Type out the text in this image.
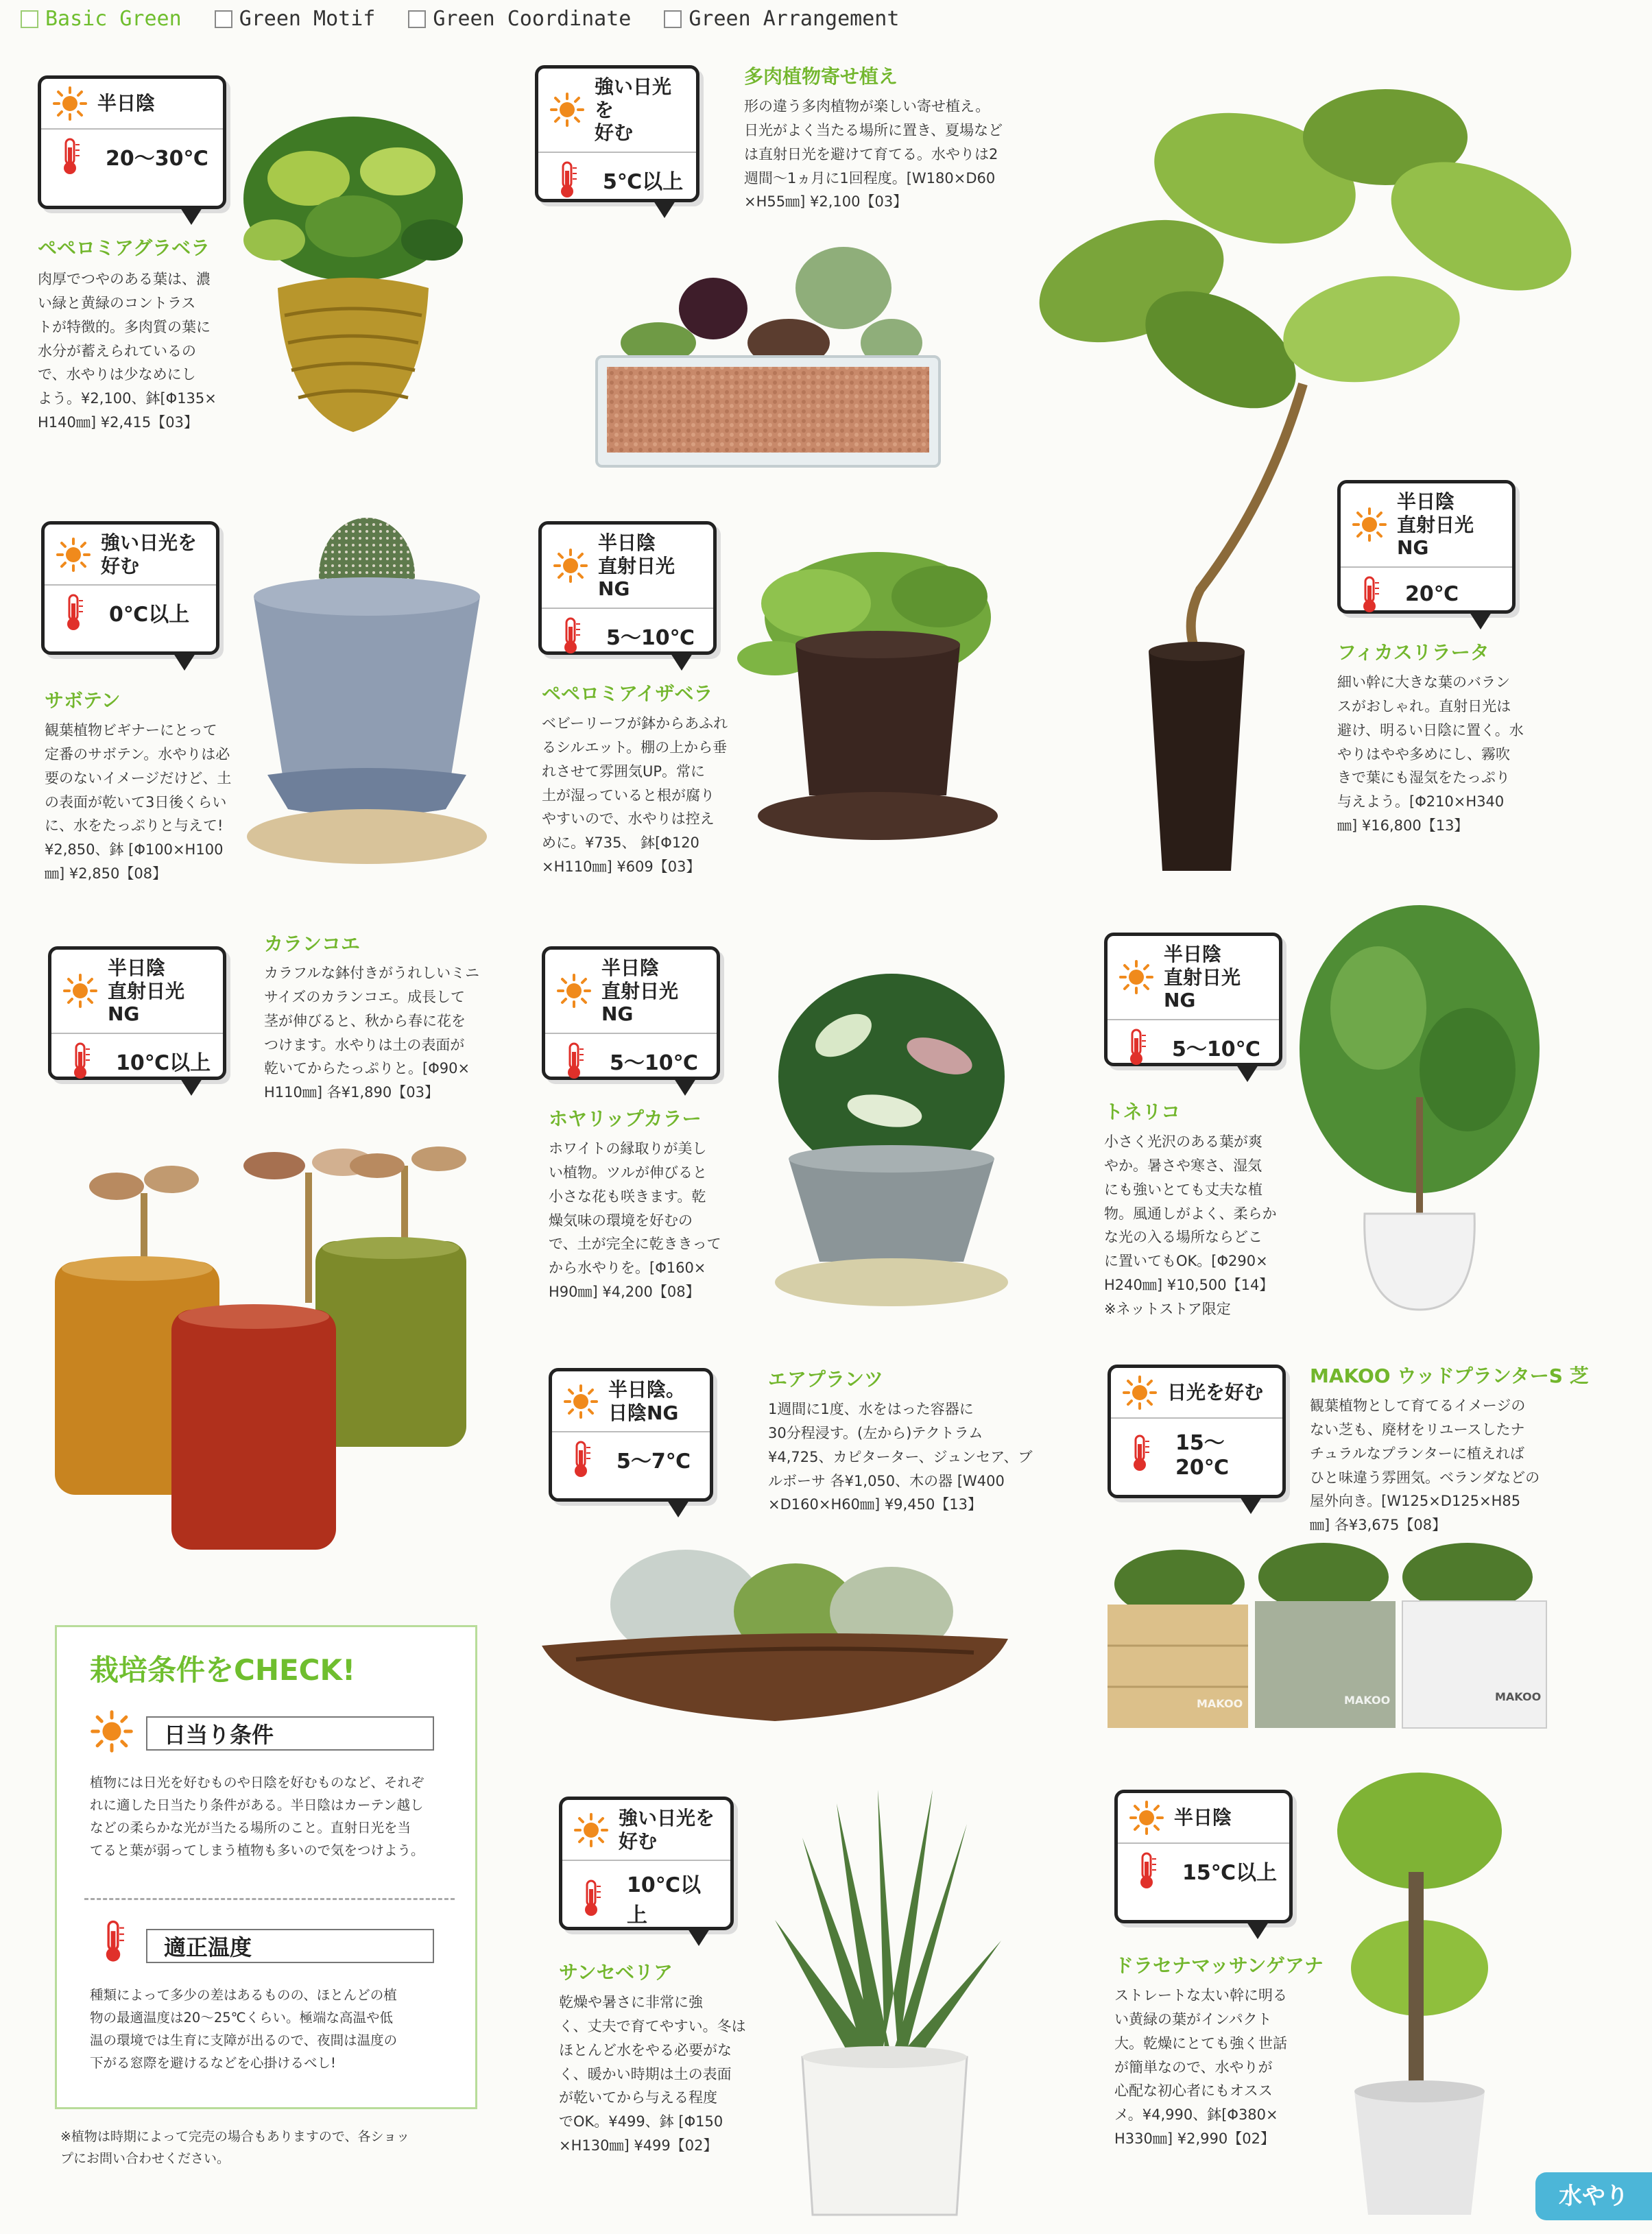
Basic Green	Green Motif	Green Coordinate	Green Arrangement
半日陰
20〜30℃
ペペロミアグラベラ
肉厚でつやのある葉は、濃
い緑と黄緑のコントラス
トが特徴的。多肉質の葉に
水分が蓄えられているの
で、水やりは少なめにし
よう。¥2,100、鉢[Φ135×
H140㎜] ¥2,415【03】
強い日光を
好む
5℃以上
多肉植物寄せ植え
形の違う多肉植物が楽しい寄せ植え。
日光がよく当たる場所に置き、夏場など
は直射日光を避けて育てる。水やりは2
週間〜1ヵ月に1回程度。[W180×D60
×H55㎜] ¥2,100【03】
半日陰
直射日光NG
20℃
フィカスリラータ
細い幹に大きな葉のバラン
スがおしゃれ。直射日光は
避け、明るい日陰に置く。水
やりはやや多めにし、霧吹
きで葉にも湿気をたっぷり
与えよう。[Φ210×H340
㎜] ¥16,800【13】
強い日光を
好む
0℃以上
サボテン
観葉植物ビギナーにとって
定番のサボテン。水やりは必
要のないイメージだけど、土
の表面が乾いて3日後くらい
に、水をたっぷりと与えて!
¥2,850、鉢 [Φ100×H100
㎜] ¥2,850【08】
半日陰
直射日光NG
5〜10℃
ペペロミアイザベラ
ベビーリーフが鉢からあふれ
るシルエット。棚の上から垂
れさせて雰囲気UP。常に
土が湿っていると根が腐り
やすいので、水やりは控え
めに。¥735、 鉢[Φ120
×H110㎜] ¥609【03】
半日陰
直射日光NG
10℃以上
カランコエ
カラフルな鉢付きがうれしいミニ
サイズのカランコエ。成長して
茎が伸びると、秋から春に花を
つけます。水やりは土の表面が
乾いてからたっぷりと。[Φ90×
H110㎜] 各¥1,890【03】
半日陰
直射日光NG
5〜10℃
ホヤリップカラー
ホワイトの縁取りが美し
い植物。ツルが伸びると
小さな花も咲きます。乾
燥気味の環境を好むの
で、土が完全に乾ききって
から水やりを。[Φ160×
H90㎜] ¥4,200【08】
半日陰
直射日光NG
5〜10℃
トネリコ
小さく光沢のある葉が爽
やか。暑さや寒さ、湿気
にも強いとても丈夫な植
物。風通しがよく、柔らか
な光の入る場所ならどこ
に置いてもOK。[Φ290×
H240㎜] ¥10,500【14】
※ネットストア限定
半日陰。
日陰NG
5〜7℃
エアプランツ
1週間に1度、水をはった容器に
30分程浸す。(左から)テクトラム
¥4,725、カピターター、ジュンセア、ブ
ルボーサ 各¥1,050、木の器 [W400
×D160×H60㎜] ¥9,450【13】
日光を好む
15〜20℃
MAKOO ウッドプランターS 芝
観葉植物として育てるイメージの
ない芝も、廃材をリユースしたナ
チュラルなプランターに植えれば
ひと味違う雰囲気。ベランダなどの
屋外向き。[W125×D125×H85
㎜] 各¥3,675【08】
MAKOO	MAKOO	MAKOO
強い日光を
好む
10℃以上
サンセベリア
乾燥や暑さに非常に強
く、丈夫で育てやすい。冬は
ほとんど水をやる必要がな
く、暖かい時期は土の表面
が乾いてから与える程度
でOK。¥499、鉢 [Φ150
×H130㎜] ¥499【02】
半日陰
15℃以上
ドラセナマッサンゲアナ
ストレートな太い幹に明る
い黄緑の葉がインパクト
大。乾燥にとても強く世話
が簡単なので、水やりが
心配な初心者にもオスス
メ。¥4,990、鉢[Φ380×
H330㎜] ¥2,990【02】
栽培条件をCHECK!
日当り条件
植物には日光を好むものや日陰を好むものなど、それぞ
れに適した日当たり条件がある。半日陰はカーテン越し
などの柔らかな光が当たる場所のこと。直射日光を当
てると葉が弱ってしまう植物も多いので気をつけよう。
適正温度
種類によって多少の差はあるものの、ほとんどの植
物の最適温度は20〜25℃くらい。極端な高温や低
温の環境では生育に支障が出るので、夜間は温度の
下がる窓際を避けるなどを心掛けるべし!
※植物は時期によって完売の場合もありますので、各ショッ
プにお問い合わせください。
水やり
